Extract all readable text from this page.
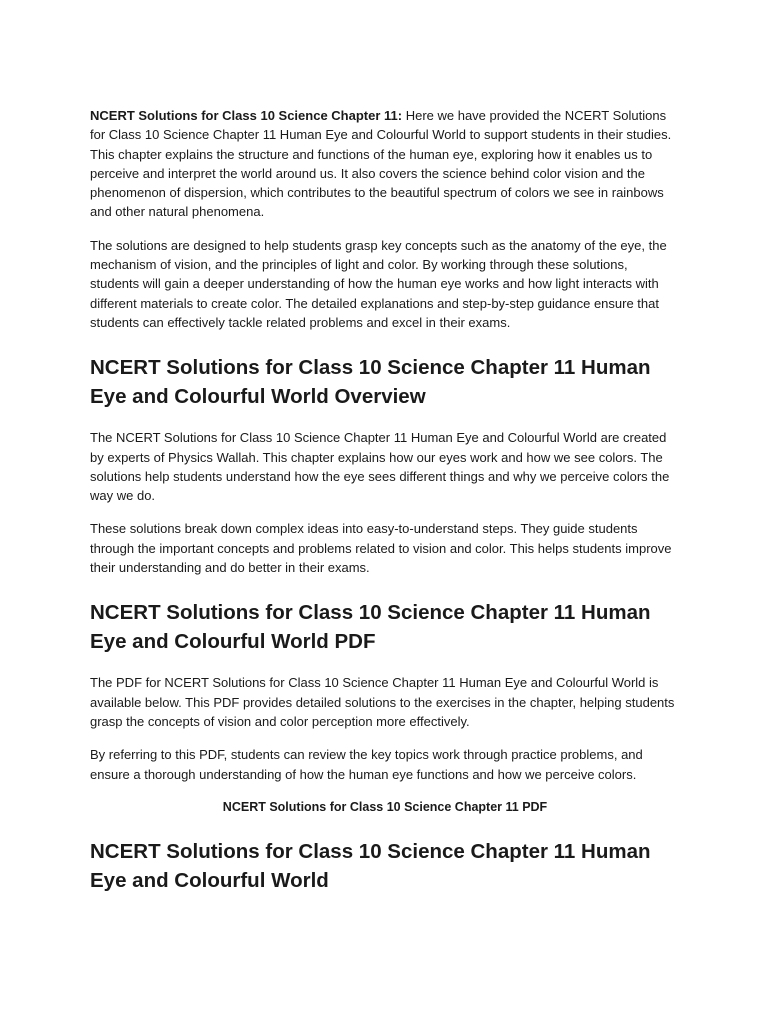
NCERT Solutions for Class 10 Science Chapter 11: Here we have provided the NCERT Solutions for Class 10 Science Chapter 11 Human Eye and Colourful World to support students in their studies. This chapter explains the structure and functions of the human eye, exploring how it enables us to perceive and interpret the world around us. It also covers the science behind color vision and the phenomenon of dispersion, which contributes to the beautiful spectrum of colors we see in rainbows and other natural phenomena.

The solutions are designed to help students grasp key concepts such as the anatomy of the eye, the mechanism of vision, and the principles of light and color. By working through these solutions, students will gain a deeper understanding of how the human eye works and how light interacts with different materials to create color. The detailed explanations and step-by-step guidance ensure that students can effectively tackle related problems and excel in their exams.

NCERT Solutions for Class 10 Science Chapter 11 Human Eye and Colourful World Overview

The NCERT Solutions for Class 10 Science Chapter 11 Human Eye and Colourful World are created by experts of Physics Wallah. This chapter explains how our eyes work and how we see colors. The solutions help students understand how the eye sees different things and why we perceive colors the way we do.

These solutions break down complex ideas into easy-to-understand steps. They guide students through the important concepts and problems related to vision and color. This helps students improve their understanding and do better in their exams.

NCERT Solutions for Class 10 Science Chapter 11 Human Eye and Colourful World PDF

The PDF for NCERT Solutions for Class 10 Science Chapter 11 Human Eye and Colourful World is available below. This PDF provides detailed solutions to the exercises in the chapter, helping students grasp the concepts of vision and color perception more effectively.

By referring to this PDF, students can review the key topics work through practice problems, and ensure a thorough understanding of how the human eye functions and how we perceive colors.

NCERT Solutions for Class 10 Science Chapter 11 PDF
NCERT Solutions for Class 10 Science Chapter 11 Human Eye and Colourful World
